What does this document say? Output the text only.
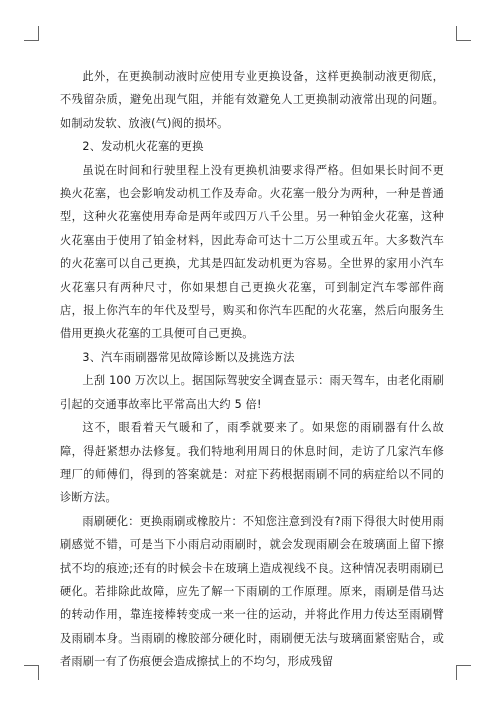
此外，在更换制动液时应使用专业更换设备，这样更换制动液更彻底，不残留杂质，避免出现气阻，并能有效避免人工更换制动液常出现的问题。如制动发软、放液(气)阀的损坏。

2、发动机火花塞的更换

虽说在时间和行驶里程上没有更换机油要求得严格。但如果长时间不更换火花塞，也会影响发动机工作及寿命。火花塞一般分为两种，一种是普通型，这种火花塞使用寿命是两年或四万八千公里。另一种铂金火花塞，这种火花塞由于使用了铂金材料，因此寿命可达十二万公里或五年。大多数汽车的火花塞可以自己更换，尤其是四缸发动机更为容易。全世界的家用小汽车火花塞只有两种尺寸，你如果想自己更换火花塞，可到制定汽车零部件商店，报上你汽车的年代及型号，购买和你汽车匹配的火花塞，然后向服务生借用更换火花塞的工具便可自己更换。

3、汽车雨刷器常见故障诊断以及挑选方法

上刮 100 万次以上。据国际驾驶安全调查显示：雨天驾车，由老化雨刷引起的交通事故率比平常高出大约 5 倍!

这不，眼看着天气暖和了，雨季就要来了。如果您的雨刷器有什么故障，得赶紧想办法修复。我们特地利用周日的休息时间，走访了几家汽车修理厂的师傅们，得到的答案就是：对症下药根据雨刷不同的病症给以不同的诊断方法。

雨刷硬化：更换雨刷或橡胶片：不知您注意到没有?雨下得很大时使用雨刷感觉不错，可是当下小雨启动雨刷时，就会发现雨刷会在玻璃面上留下擦拭不均的痕迹;还有的时候会卡在玻璃上造成视线不良。这种情况表明雨刷已硬化。若排除此故障，应先了解一下雨刷的工作原理。原来，雨刷是借马达的转动作用，靠连接棒转变成一来一往的运动，并将此作用力传达至雨刷臂及雨刷本身。当雨刷的橡胶部分硬化时，雨刷便无法与玻璃面紧密贴合，或者雨刷一有了伤痕便会造成擦拭上的不均匀，形成残留
